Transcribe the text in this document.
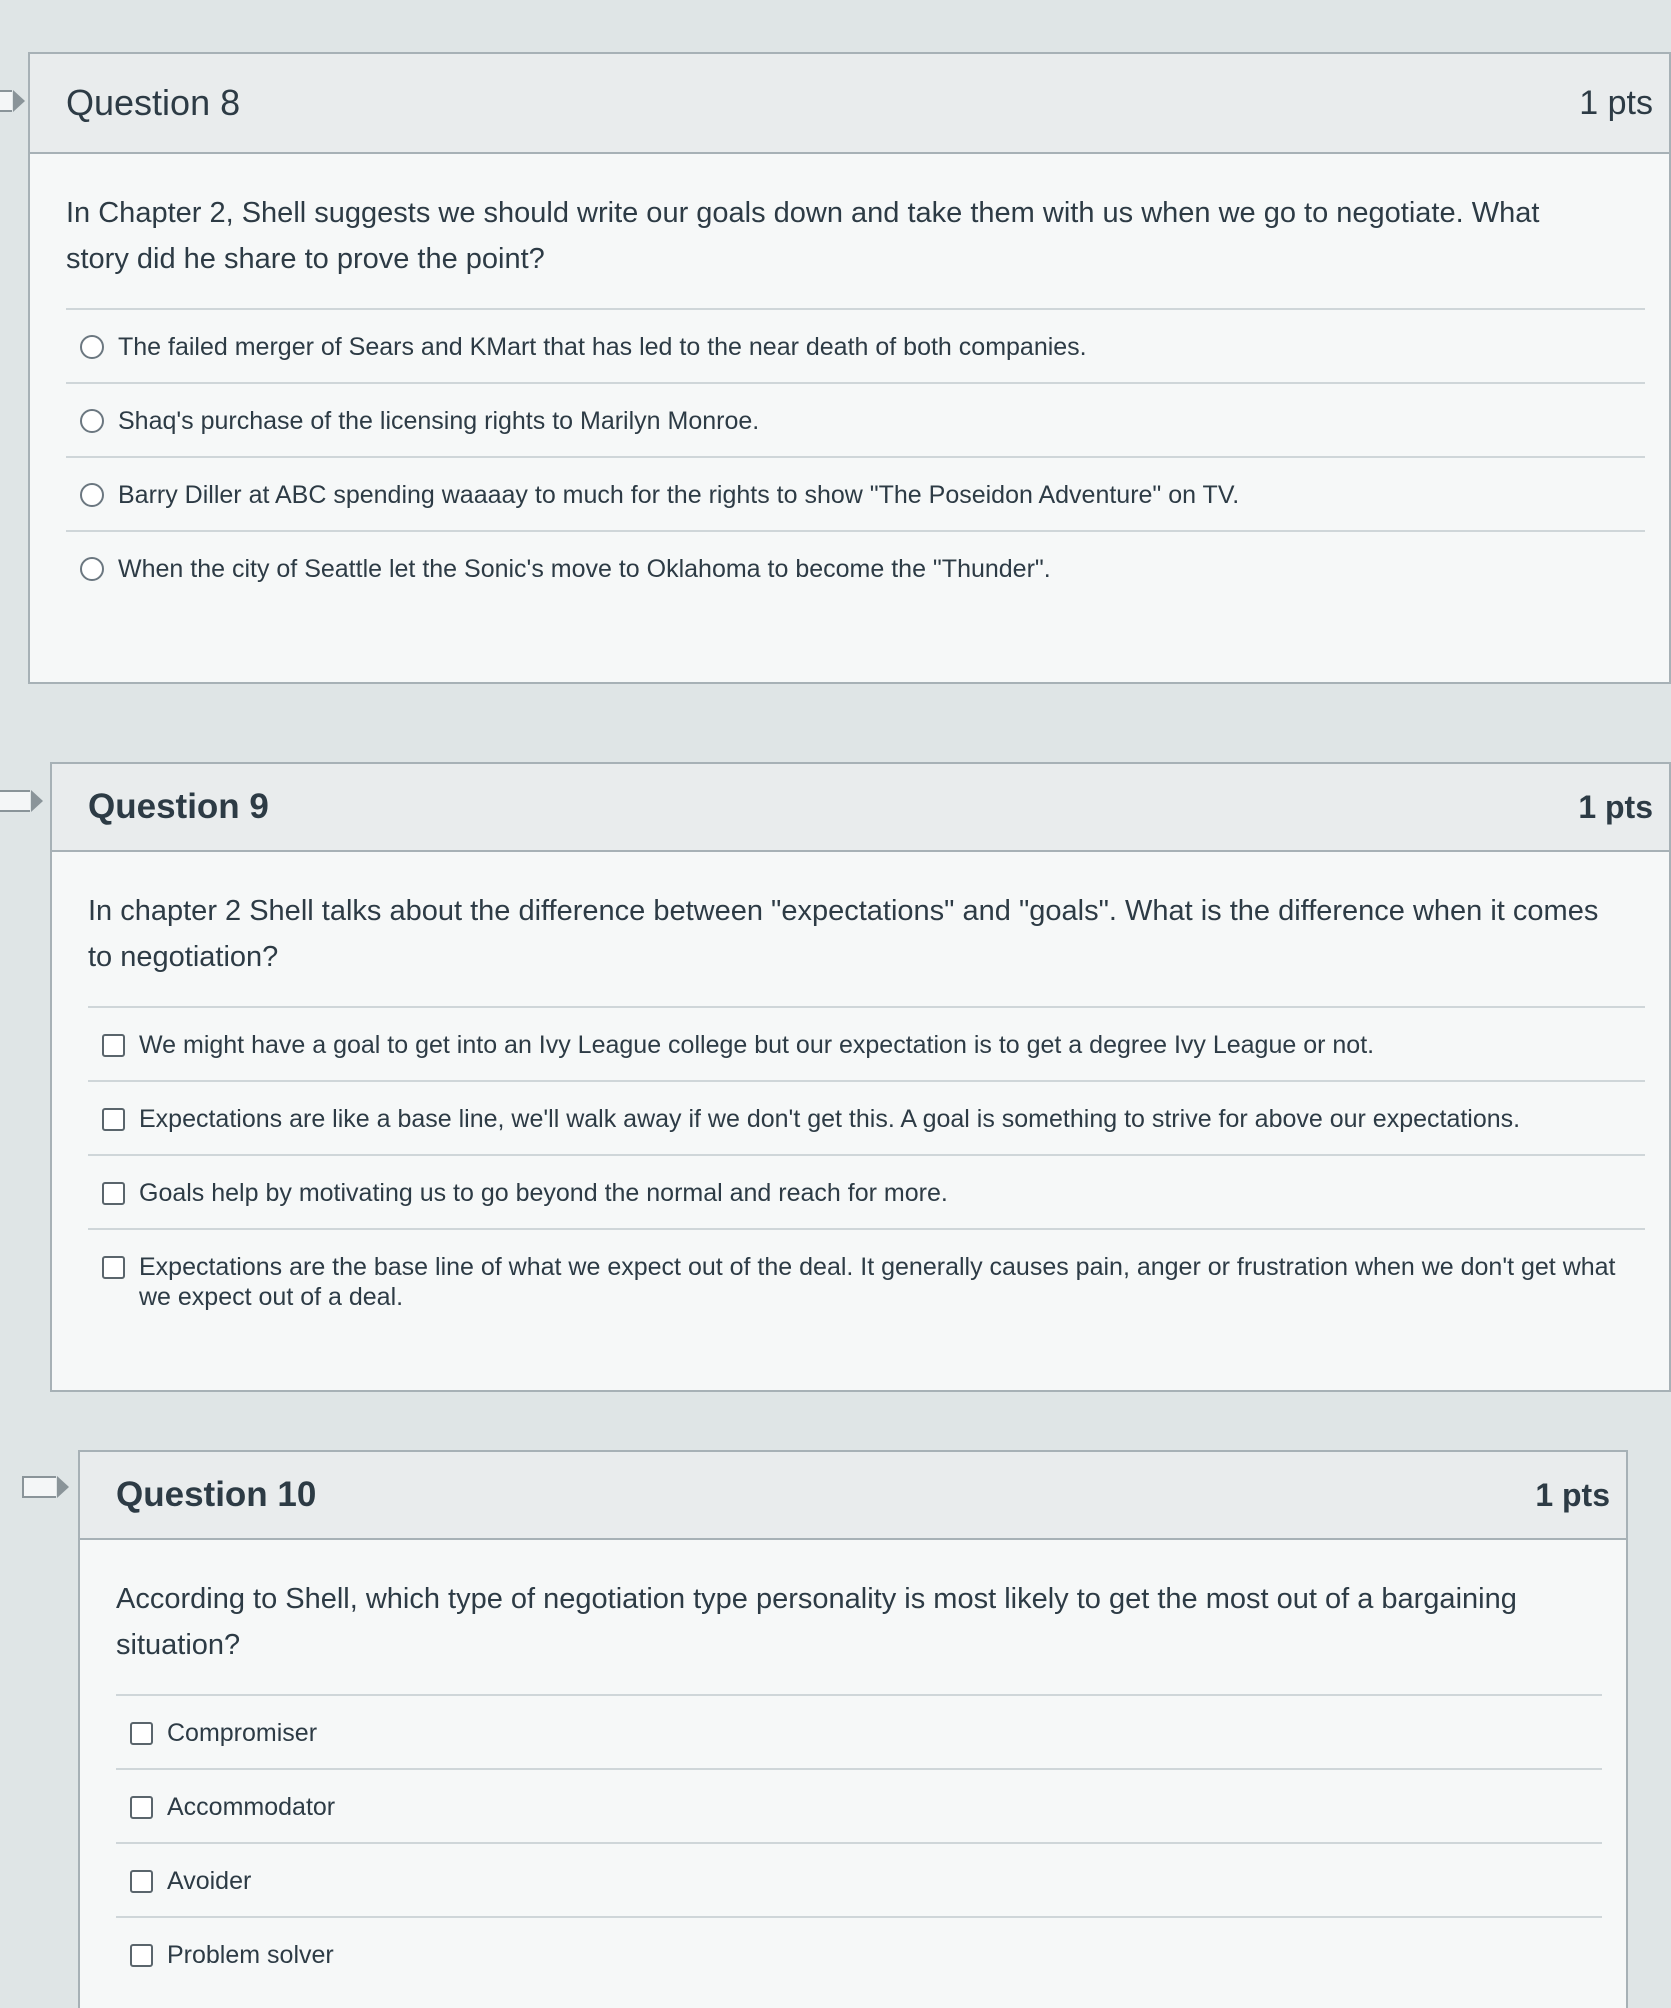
Question 8	1 pts

In Chapter 2, Shell suggests we should write our goals down and take them with us when we go to negotiate. What story did he share to prove the point?

The failed merger of Sears and KMart that has led to the near death of both companies.
Shaq's purchase of the licensing rights to Marilyn Monroe.
Barry Diller at ABC spending waaaay to much for the rights to show "The Poseidon Adventure" on TV.
When the city of Seattle let the Sonic's move to Oklahoma to become the "Thunder".
Question 9	1 pts

In chapter 2 Shell talks about the difference between "expectations" and "goals". What is the difference when it comes to negotiation?

We might have a goal to get into an Ivy League college but our expectation is to get a degree Ivy League or not.
Expectations are like a base line, we'll walk away if we don't get this. A goal is something to strive for above our expectations.
Goals help by motivating us to go beyond the normal and reach for more.
Expectations are the base line of what we expect out of the deal. It generally causes pain, anger or frustration when we don't get what we expect out of a deal.
Question 10	1 pts

According to Shell, which type of negotiation type personality is most likely to get the most out of a bargaining situation?

Compromiser
Accommodator
Avoider
Problem solver
